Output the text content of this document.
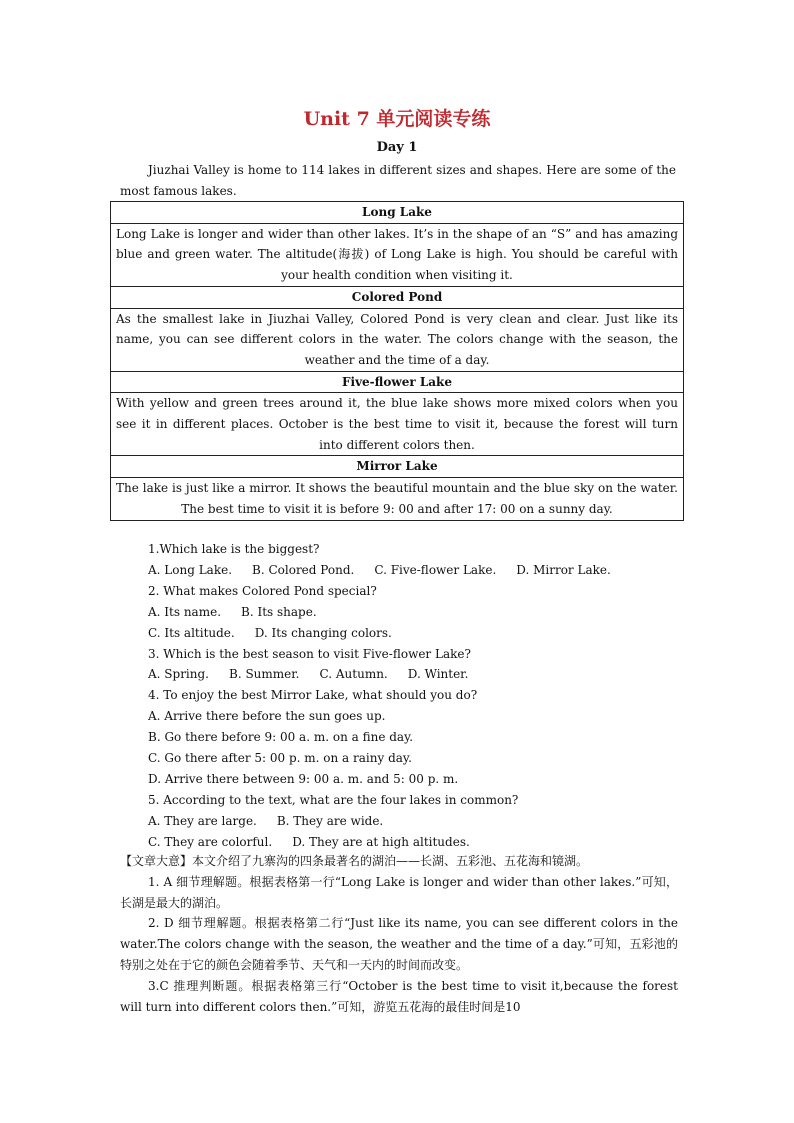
Unit 7 单元阅读专练
Day 1
Jiuzhai Valley is home to 114 lakes in different sizes and shapes. Here are some of the most famous lakes.
Long Lake
Long Lake is longer and wider than other lakes. It’s in the shape of an “S” and has amazing blue and green water. The altitude(海拔) of Long Lake is high. You should be careful with your health condition when visiting it.
Colored Pond
As the smallest lake in Jiuzhai Valley, Colored Pond is very clean and clear. Just like its name, you can see different colors in the water. The colors change with the season, the weather and the time of a day.
Five-flower Lake
With yellow and green trees around it, the blue lake shows more mixed colors when you see it in different places. October is the best time to visit it, because the forest will turn into different colors then.
Mirror Lake
The lake is just like a mirror. It shows the beautiful mountain and the blue sky on the water. The best time to visit it is before 9: 00 and after 17: 00 on a sunny day.
1.Which lake is the biggest?
A. Long Lake. B. Colored Pond. C. Five-flower Lake. D. Mirror Lake.
2. What makes Colored Pond special?
A. Its name. B. Its shape.
C. Its altitude. D. Its changing colors.
3. Which is the best season to visit Five-flower Lake?
A. Spring. B. Summer. C. Autumn. D. Winter.
4. To enjoy the best Mirror Lake, what should you do?
A. Arrive there before the sun goes up.
B. Go there before 9: 00 a. m. on a fine day.
C. Go there after 5: 00 p. m. on a rainy day.
D. Arrive there between 9: 00 a. m. and 5: 00 p. m.
5. According to the text, what are the four lakes in common?
A. They are large. B. They are wide.
C. They are colorful. D. They are at high altitudes.

【文章大意】本文介绍了九寨沟的四条最著名的湖泊——长湖、五彩池、五花海和镜湖。

1. A 细节理解题。根据表格第一行“Long Lake is longer and wider than other lakes.”可知，长湖是最大的湖泊。

2. D 细节理解题。根据表格第二行“Just like its name, you can see different colors in the water.The colors change with the season, the weather and the time of a day.”可知，五彩池的特别之处在于它的颜色会随着季节、天气和一天内的时间而改变。

3.C 推理判断题。根据表格第三行“October is the best time to visit it,because the forest will turn into different colors then.”可知，游览五花海的最佳时间是10
